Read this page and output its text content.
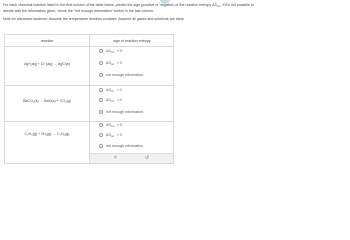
For each chemical reaction listed in the first column of the table below, predict the sign (positive or negative) of the reaction entropy $\Delta S_{rxn}$. If it's not possible to

decide with the information given, check the "not enough information" button in the last column.

Note for advanced students: Assume the temperature remains constant. Assume all gases and solutions are ideal.

reaction	sign of reaction entropy
Ag⁺(aq) + Cl⁻(aq) → AgCl(s)
$\Delta S_{rxn} < 0$
$\Delta S_{rxn} > 0$
not enough information.
BaCO₃(s) → BaO(s) + CO₂(g)
$\Delta S_{rxn} < 0$
$\Delta S_{rxn} > 0$
not enough information.
C₂H₄(g) + 2H₂(g) → C₂H₆(g)
$\Delta S_{rxn} < 0$
$\Delta S_{rxn} > 0$
not enough information.
×	↺
